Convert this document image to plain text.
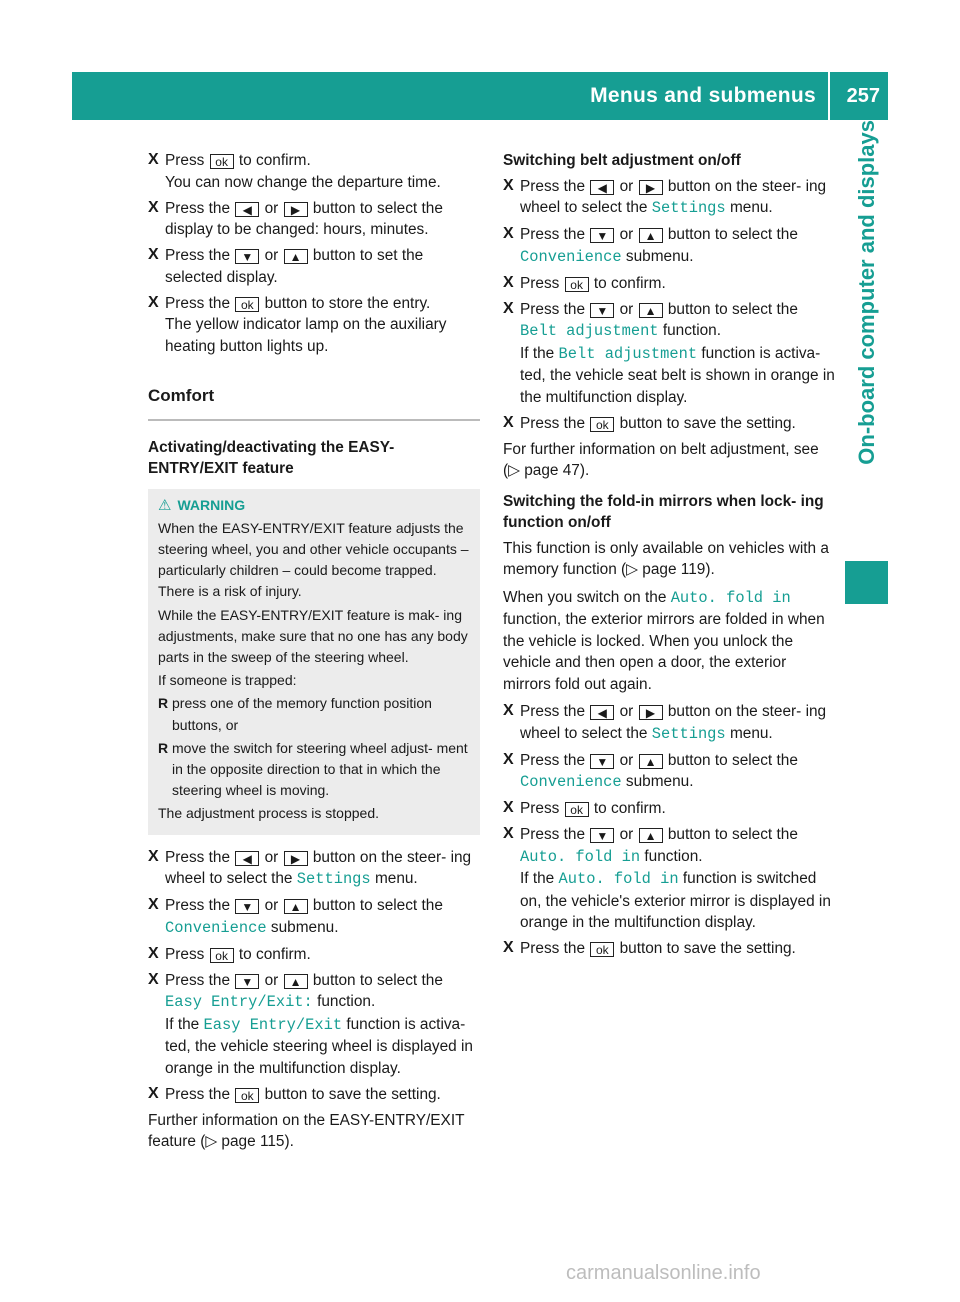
Menus and submenus 257
On-board computer and displays
X Press ok to confirm.
You can now change the departure time.
X Press the ◀ or ▶ button to select the display to be changed: hours, minutes.
X Press the ▼ or ▲ button to set the selected display.
X Press the ok button to store the entry.
The yellow indicator lamp on the auxiliary heating button lights up.
Comfort
Activating/deactivating the EASY-ENTRY/EXIT feature

⚠ WARNING

When the EASY-ENTRY/EXIT feature adjusts the steering wheel, you and other vehicle occupants – particularly children – could become trapped. There is a risk of injury.

While the EASY-ENTRY/EXIT feature is mak- ing adjustments, make sure that no one has any body parts in the sweep of the steering wheel.

If someone is trapped:

R press one of the memory function position buttons, or

R move the switch for steering wheel adjust- ment in the opposite direction to that in which the steering wheel is moving.

The adjustment process is stopped.

X Press the ◀ or ▶ button on the steer- ing wheel to select the Settings menu.
X Press the ▼ or ▲ button to select the Convenience submenu.
X Press ok to confirm.
X Press the ▼ or ▲ button to select the Easy Entry/Exit: function.
If the Easy Entry/Exit function is activa- ted, the vehicle steering wheel is displayed in orange in the multifunction display.
X Press the ok button to save the setting.

Further information on the EASY-ENTRY/EXIT feature (▷ page 115).

Switching belt adjustment on/off
X Press the ◀ or ▶ button on the steer- ing wheel to select the Settings menu.
X Press the ▼ or ▲ button to select the Convenience submenu.
X Press ok to confirm.
X Press the ▼ or ▲ button to select the Belt adjustment function.
If the Belt adjustment function is activa- ted, the vehicle seat belt is shown in orange in the multifunction display.
X Press the ok button to save the setting.

For further information on belt adjustment, see (▷ page 47).

Switching the fold-in mirrors when lock- ing function on/off

This function is only available on vehicles with a memory function (▷ page 119).

When you switch on the Auto. fold in function, the exterior mirrors are folded in when the vehicle is locked. When you unlock the vehicle and then open a door, the exterior mirrors fold out again.

X Press the ◀ or ▶ button on the steer- ing wheel to select the Settings menu.
X Press the ▼ or ▲ button to select the Convenience submenu.
X Press ok to confirm.
X Press the ▼ or ▲ button to select the Auto. fold in function.
If the Auto. fold in function is switched on, the vehicle's exterior mirror is displayed in orange in the multifunction display.
X Press the ok button to save the setting.
carmanualsonline.info
